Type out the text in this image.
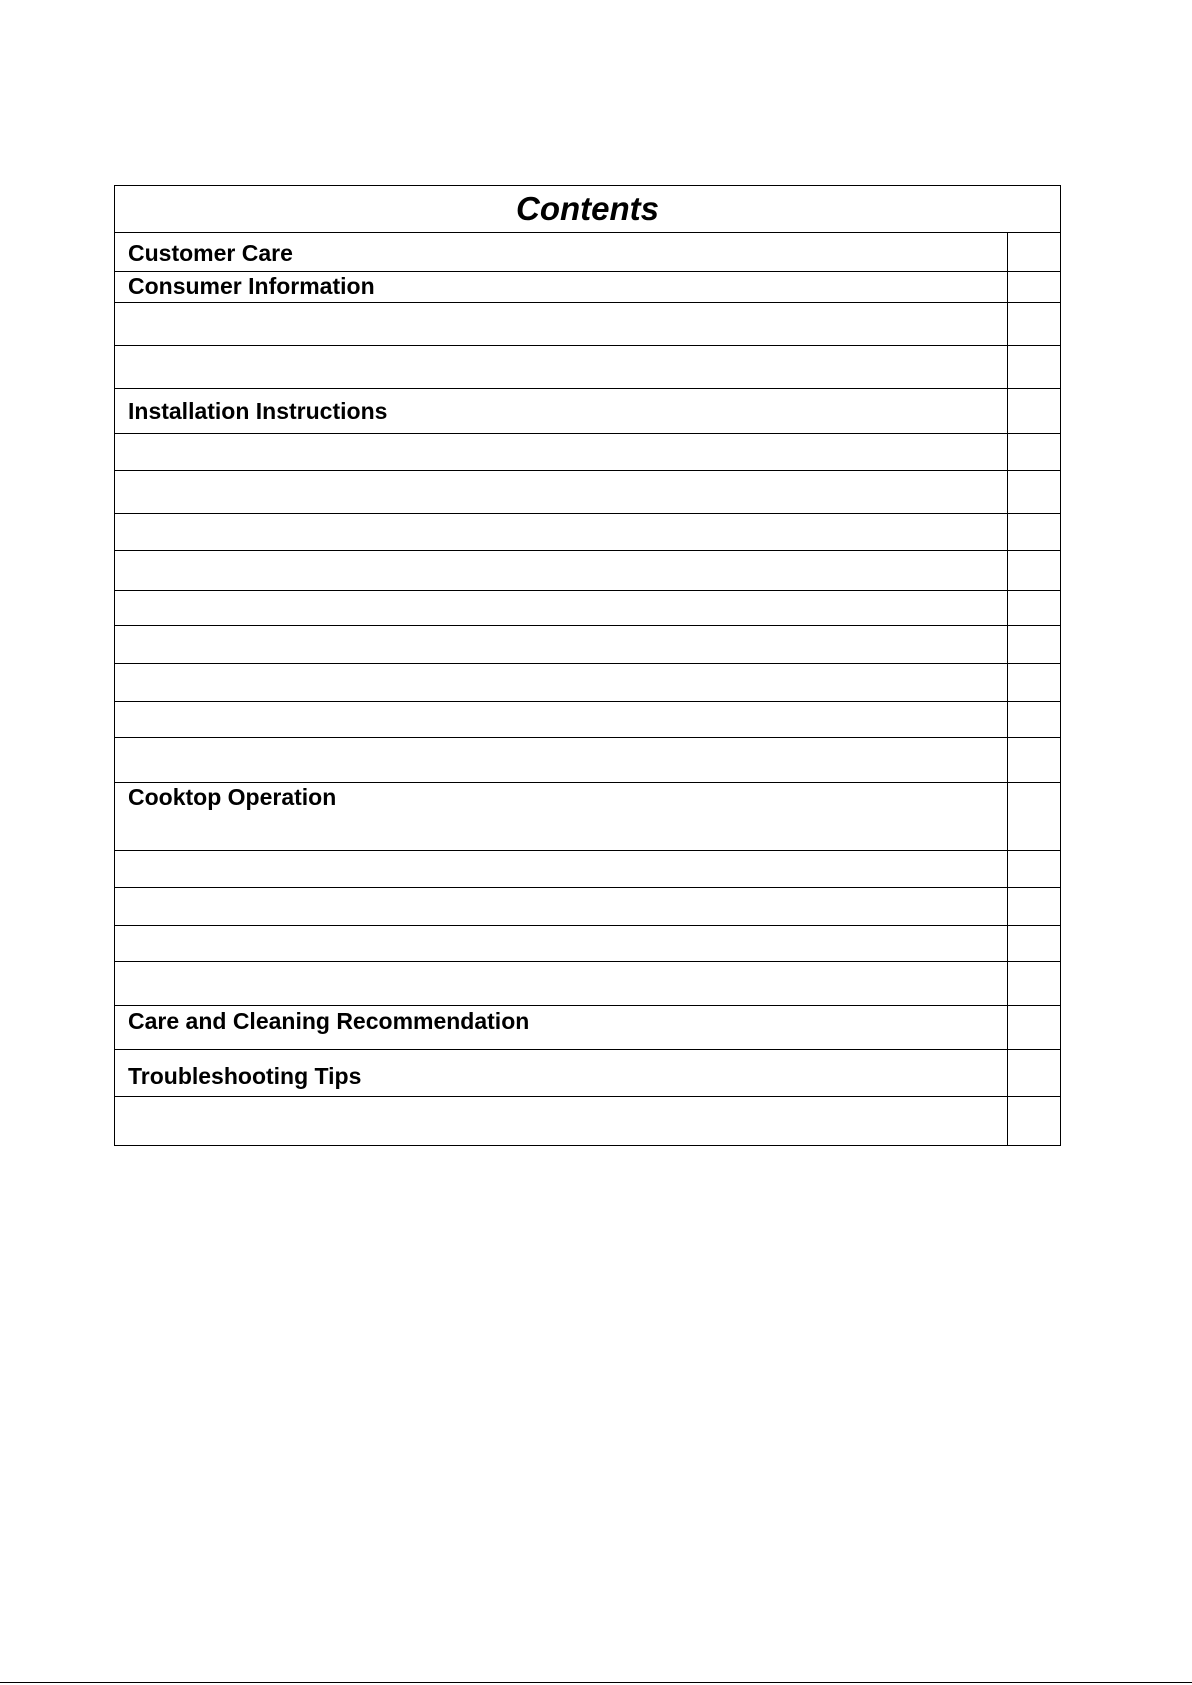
Contents	

Customer Care	

Consumer Information	

Installation Instructions	

Cooktop Operation	

Care and Cleaning Recommendation	

Troubleshooting Tips	
